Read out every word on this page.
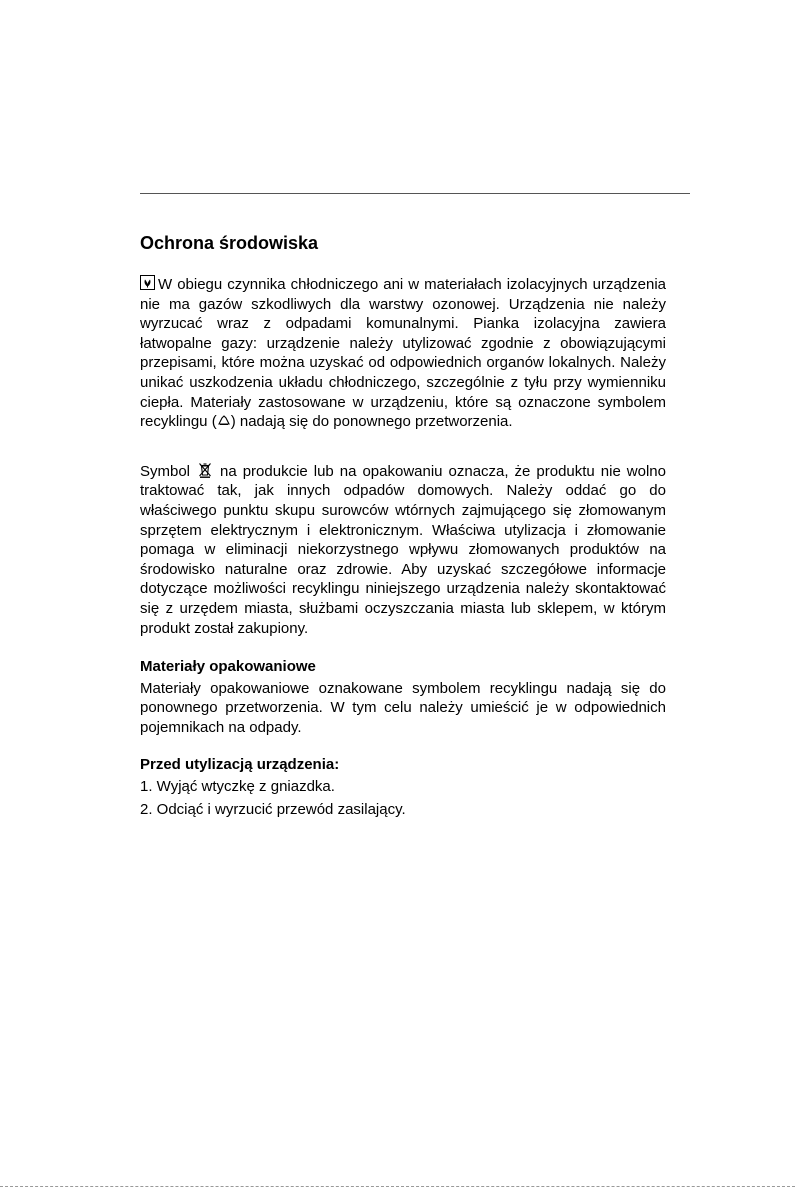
Ochrona środowiska

W obiegu czynnika chłodniczego ani w materiałach izolacyjnych urządzenia nie ma gazów szkodliwych dla warstwy ozonowej. Urządzenia nie należy wyrzucać wraz z odpadami komunalnymi. Pianka izolacyjna zawiera łatwopalne gazy: urządzenie należy utylizować zgodnie z obowiązującymi przepisami, które można uzyskać od odpowiednich organów lokalnych. Należy unikać uszkodzenia układu chłodniczego, szczególnie z tyłu przy wymienniku ciepła. Materiały zastosowane w urządzeniu, które są oznaczone symbolem recyklingu ( ) nadają się do ponownego przetworzenia.

Symbol na produkcie lub na opakowaniu oznacza, że produktu nie wolno traktować tak, jak innych odpadów domowych. Należy oddać go do właściwego punktu skupu surowców wtórnych zajmującego się złomowanym sprzętem elektrycznym i elektronicznym. Właściwa utylizacja i złomowanie pomaga w eliminacji niekorzystnego wpływu złomowanych produktów na środowisko naturalne oraz zdrowie. Aby uzyskać szczegółowe informacje dotyczące możliwości recyklingu niniejszego urządzenia należy skontaktować się z urzędem miasta, służbami oczyszczania miasta lub sklepem, w którym produkt został zakupiony.

Materiały opakowaniowe

Materiały opakowaniowe oznakowane symbolem recyklingu nadają się do ponownego przetworzenia. W tym celu należy umieścić je w odpowiednich pojemnikach na odpady.

Przed utylizacją urządzenia:
1. Wyjąć wtyczkę z gniazdka.
2. Odciąć i wyrzucić przewód zasilający.
